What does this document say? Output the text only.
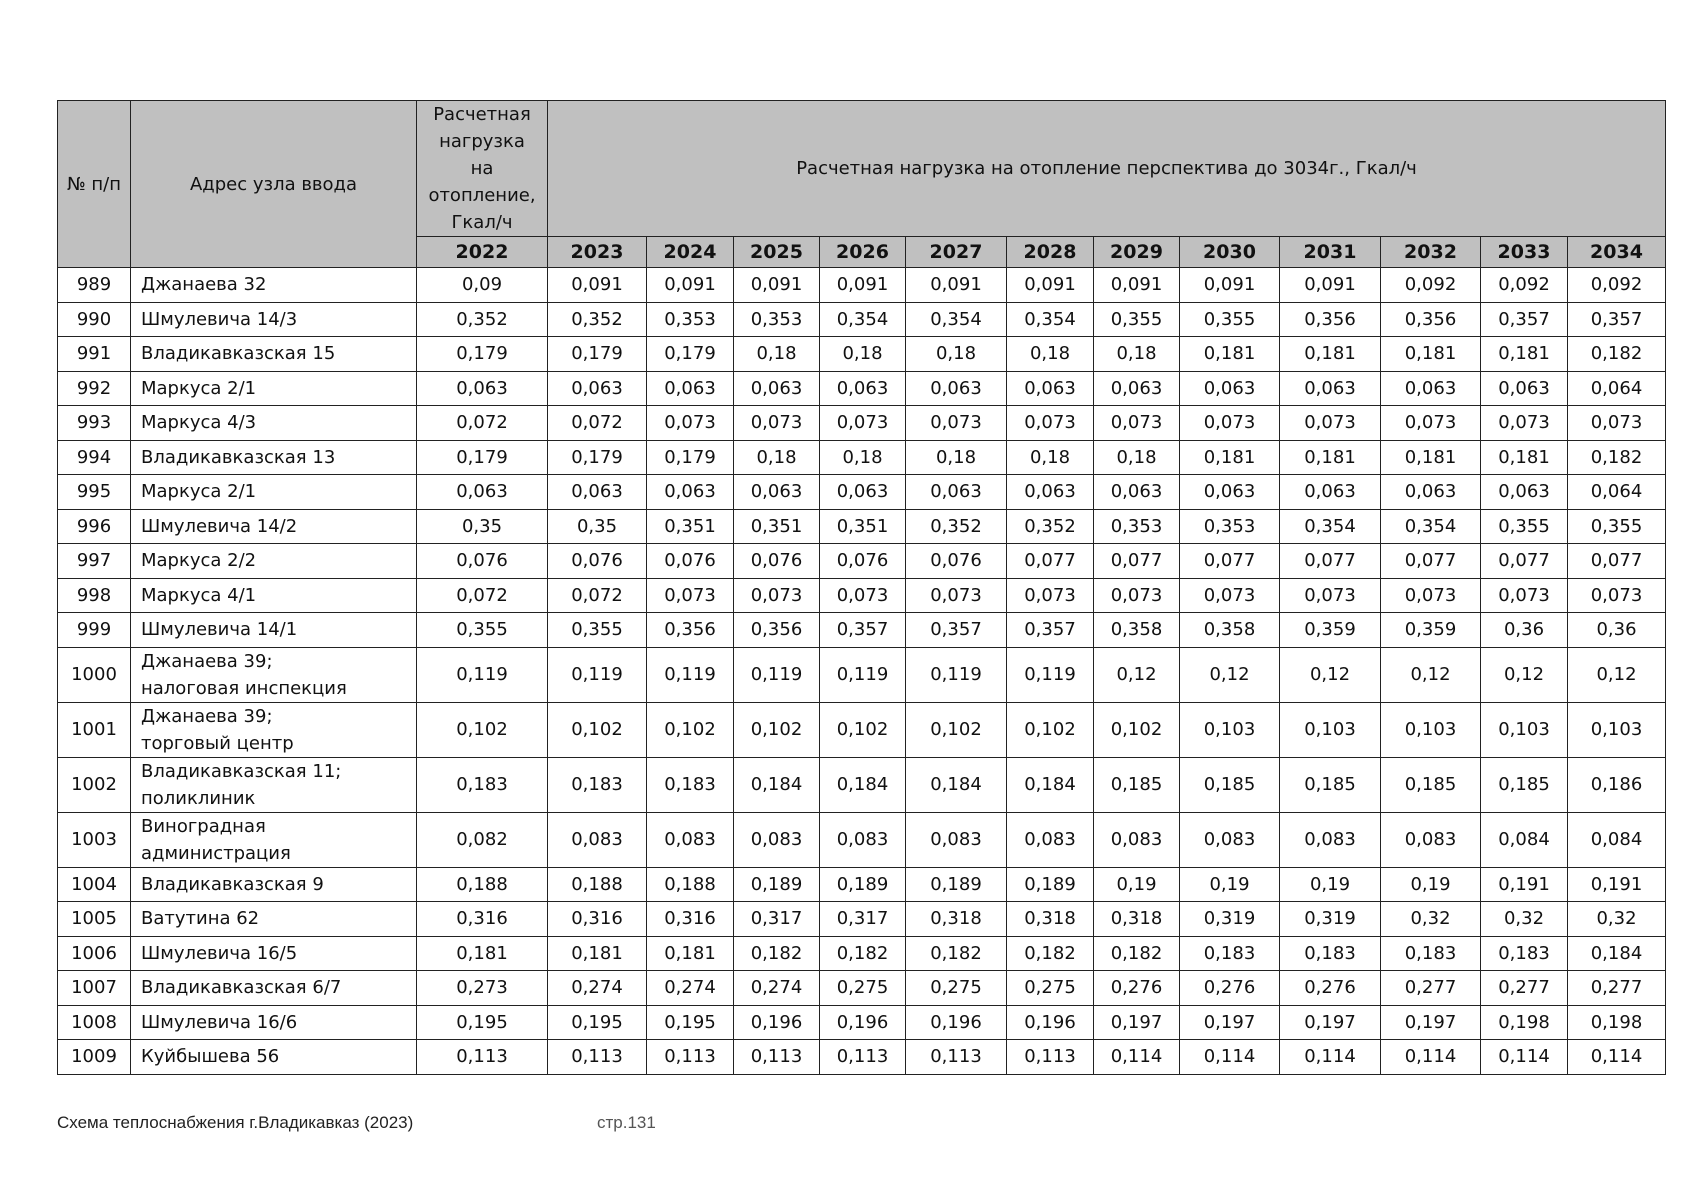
№ п/п	Адрес узла ввода	Расчетная
нагрузка
на
отопление,
Гкал/ч	Расчетная нагрузка на отопление перспектива до 3034г., Гкал/ч											
		2022	2023	2024	2025	2026	2027	2028	2029	2030	2031	2032	2033	2034
989	Джанаева 32	0,09	0,091	0,091	0,091	0,091	0,091	0,091	0,091	0,091	0,091	0,092	0,092	0,092
990	Шмулевича 14/3	0,352	0,352	0,353	0,353	0,354	0,354	0,354	0,355	0,355	0,356	0,356	0,357	0,357
991	Владикавказская 15	0,179	0,179	0,179	0,18	0,18	0,18	0,18	0,18	0,181	0,181	0,181	0,181	0,182
992	Маркуса 2/1	0,063	0,063	0,063	0,063	0,063	0,063	0,063	0,063	0,063	0,063	0,063	0,063	0,064
993	Маркуса 4/3	0,072	0,072	0,073	0,073	0,073	0,073	0,073	0,073	0,073	0,073	0,073	0,073	0,073
994	Владикавказская 13	0,179	0,179	0,179	0,18	0,18	0,18	0,18	0,18	0,181	0,181	0,181	0,181	0,182
995	Маркуса 2/1	0,063	0,063	0,063	0,063	0,063	0,063	0,063	0,063	0,063	0,063	0,063	0,063	0,064
996	Шмулевича 14/2	0,35	0,35	0,351	0,351	0,351	0,352	0,352	0,353	0,353	0,354	0,354	0,355	0,355
997	Маркуса 2/2	0,076	0,076	0,076	0,076	0,076	0,076	0,077	0,077	0,077	0,077	0,077	0,077	0,077
998	Маркуса 4/1	0,072	0,072	0,073	0,073	0,073	0,073	0,073	0,073	0,073	0,073	0,073	0,073	0,073
999	Шмулевича 14/1	0,355	0,355	0,356	0,356	0,357	0,357	0,357	0,358	0,358	0,359	0,359	0,36	0,36
1000	Джанаева 39;
налоговая инспекция	0,119	0,119	0,119	0,119	0,119	0,119	0,119	0,12	0,12	0,12	0,12	0,12	0,12
1001	Джанаева 39;
торговый центр	0,102	0,102	0,102	0,102	0,102	0,102	0,102	0,102	0,103	0,103	0,103	0,103	0,103
1002	Владикавказская 11;
поликлиник	0,183	0,183	0,183	0,184	0,184	0,184	0,184	0,185	0,185	0,185	0,185	0,185	0,186
1003	Виноградная
администрация	0,082	0,083	0,083	0,083	0,083	0,083	0,083	0,083	0,083	0,083	0,083	0,084	0,084
1004	Владикавказская 9	0,188	0,188	0,188	0,189	0,189	0,189	0,189	0,19	0,19	0,19	0,19	0,191	0,191
1005	Ватутина 62	0,316	0,316	0,316	0,317	0,317	0,318	0,318	0,318	0,319	0,319	0,32	0,32	0,32
1006	Шмулевича 16/5	0,181	0,181	0,181	0,182	0,182	0,182	0,182	0,182	0,183	0,183	0,183	0,183	0,184
1007	Владикавказская 6/7	0,273	0,274	0,274	0,274	0,275	0,275	0,275	0,276	0,276	0,276	0,277	0,277	0,277
1008	Шмулевича 16/6	0,195	0,195	0,195	0,196	0,196	0,196	0,196	0,197	0,197	0,197	0,197	0,198	0,198
1009	Куйбышева 56	0,113	0,113	0,113	0,113	0,113	0,113	0,113	0,114	0,114	0,114	0,114	0,114	0,114
Схема теплоснабжения г.Владикавказ (2023)	стр.131
